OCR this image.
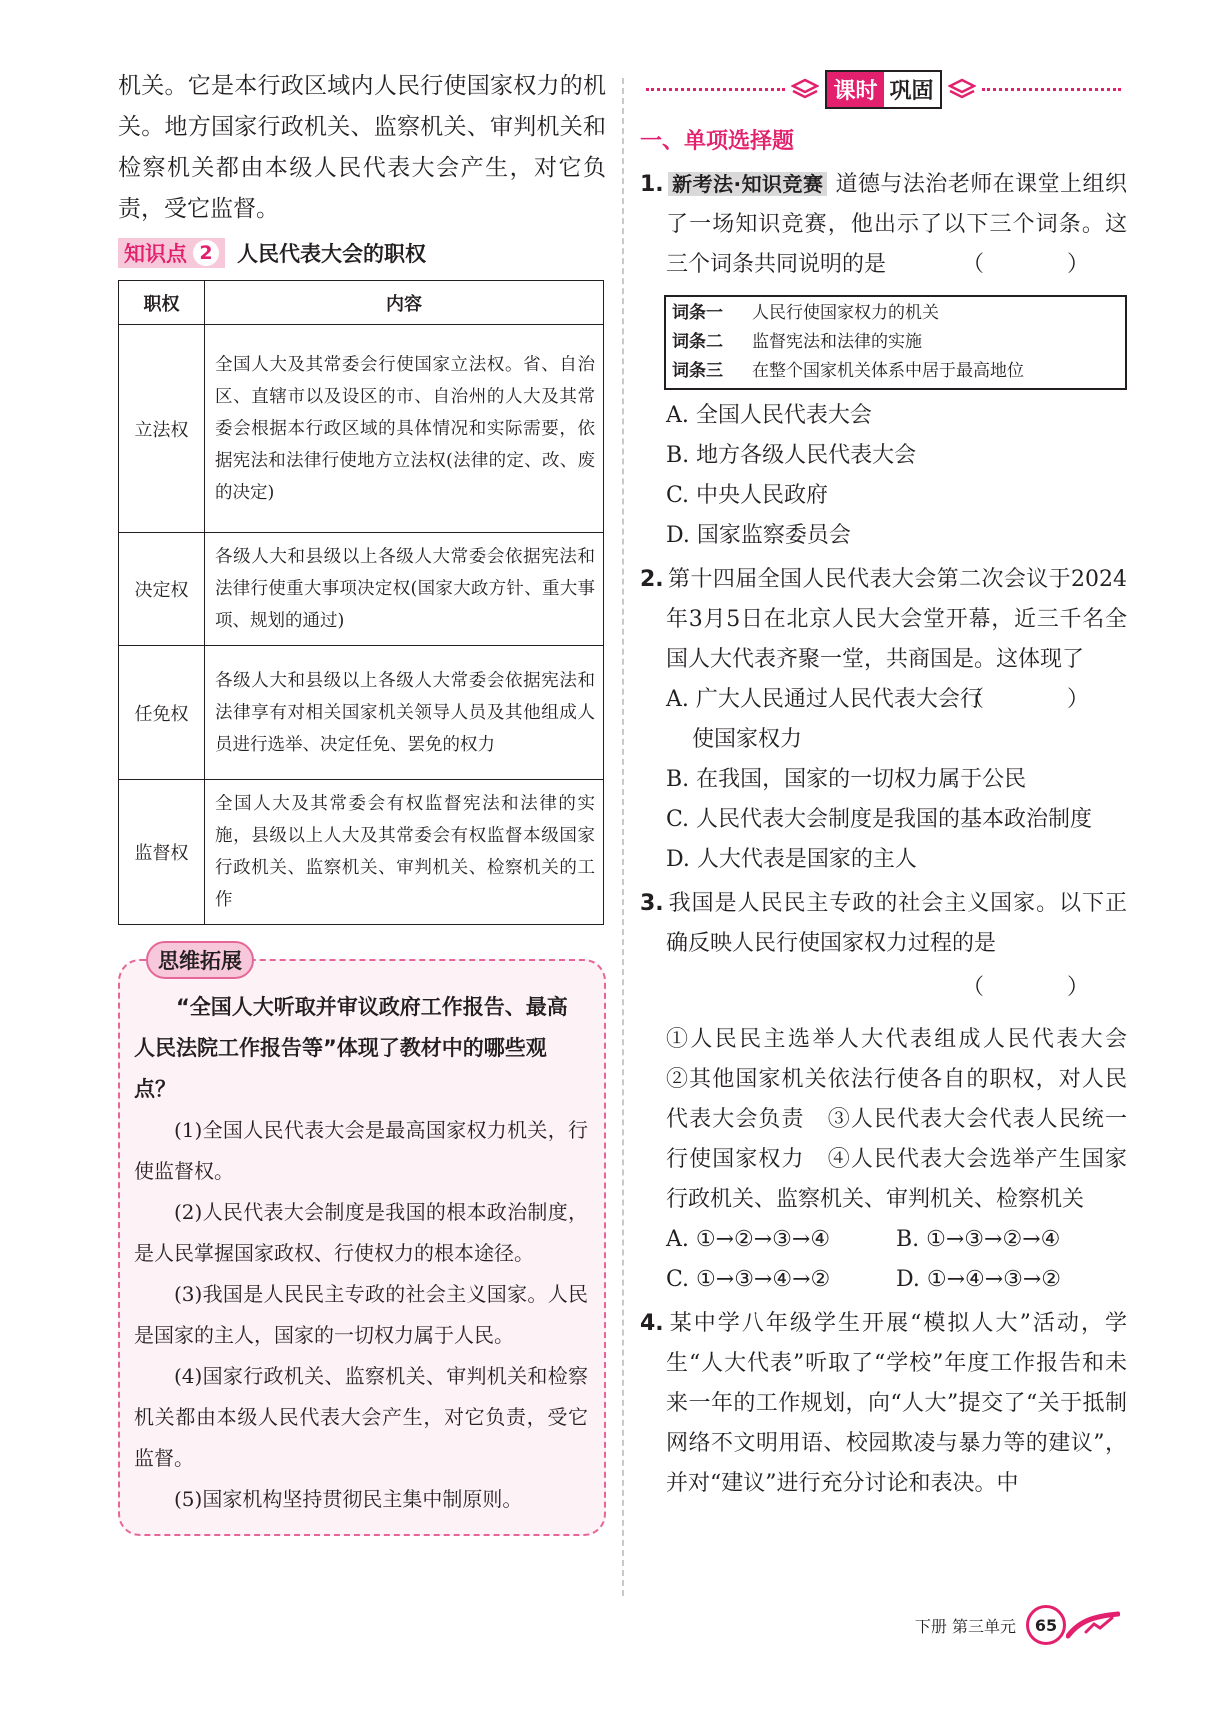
机关。它是本行政区域内人民行使国家权力的机关。地方国家行政机关、监察机关、审判机关和检察机关都由本级人民代表大会产生，对它负责，受它监督。

知识点 2	人民代表大会的职权
职权	内容
立法权	全国人大及其常委会行使国家立法权。省、自治区、直辖市以及设区的市、自治州的人大及其常委会根据本行政区域的具体情况和实际需要，依据宪法和法律行使地方立法权(法律的定、改、废的决定)
决定权	各级人大和县级以上各级人大常委会依据宪法和法律行使重大事项决定权(国家大政方针、重大事项、规划的通过)
任免权	各级人大和县级以上各级人大常委会依据宪法和法律享有对相关国家机关领导人员及其他组成人员进行选举、决定任免、罢免的权力
监督权	全国人大及其常委会有权监督宪法和法律的实施，县级以上人大及其常委会有权监督本级国家行政机关、监察机关、审判机关、检察机关的工作
思维拓展

“全国人大听取并审议政府工作报告、最高人民法院工作报告等”体现了教材中的哪些观点？

(1)全国人民代表大会是最高国家权力机关，行使监督权。

(2)人民代表大会制度是我国的根本政治制度，是人民掌握国家政权、行使权力的根本途径。

(3)我国是人民民主专政的社会主义国家。人民是国家的主人，国家的一切权力属于人民。

(4)国家行政机关、监察机关、审判机关和检察机关都由本级人民代表大会产生，对它负责，受它监督。

(5)国家机构坚持贯彻民主集中制原则。

课时 巩固
一、单项选择题
1. 新考法·知识竞赛 道德与法治老师在课堂上组织了一场知识竞赛，他出示了以下三个词条。这三个词条共同说明的是	（ ）
词条一	人民行使国家权力的机关
词条二	监督宪法和法律的实施
词条三	在整个国家机关体系中居于最高地位
A. 全国人民代表大会
B. 地方各级人民代表大会
C. 中央人民政府
D. 国家监察委员会
2. 第十四届全国人民代表大会第二次会议于2024年3月5日在北京人民大会堂开幕，近三千名全国人大代表齐聚一堂，共商国是。这体现了
（ ）
A. 广大人民通过人民代表大会行使国家权力
B. 在我国，国家的一切权力属于公民
C. 人民代表大会制度是我国的基本政治制度
D. 人大代表是国家的主人
3. 我国是人民民主专政的社会主义国家。以下正确反映人民行使国家权力过程的是
（ ）
①人民民主选举人大代表组成人民代表大会　②其他国家机关依法行使各自的职权，对人民代表大会负责　③人民代表大会代表人民统一行使国家权力　④人民代表大会选举产生国家行政机关、监察机关、审判机关、检察机关
A. ①→②→③→④	B. ①→③→②→④
C. ①→③→④→②	D. ①→④→③→②
4. 某中学八年级学生开展“模拟人大”活动，学生“人大代表”听取了“学校”年度工作报告和未来一年的工作规划，向“人大”提交了“关于抵制网络不文明用语、校园欺凌与暴力等的建议”，并对“建议”进行充分讨论和表决。中
下册 第三单元	65
